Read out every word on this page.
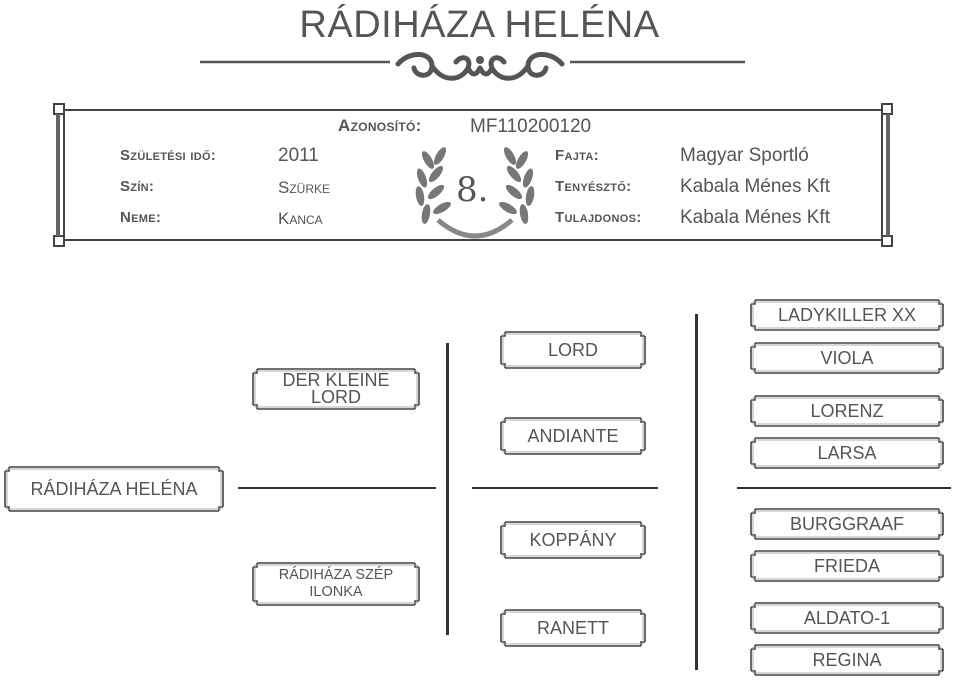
RÁDIHÁZA HELÉNA
Azonosító:	MF110200120
Születési idő:	2011
Szín:	Szürke
Neme:	Kanca
Fajta:	Magyar Sportló
Tenyésztő:	Kabala Ménes Kft
Tulajdonos: Kabala Ménes Kft
8.
RÁDIHÁZA HELÉNA
DER KLEINE LORD
RÁDIHÁZA SZÉP ILONKA
LORD
ANDIANTE
KOPPÁNY
RANETT
LADYKILLER XX
VIOLA
LORENZ
LARSA
BURGGRAAF
FRIEDA
ALDATO-1
REGINA
